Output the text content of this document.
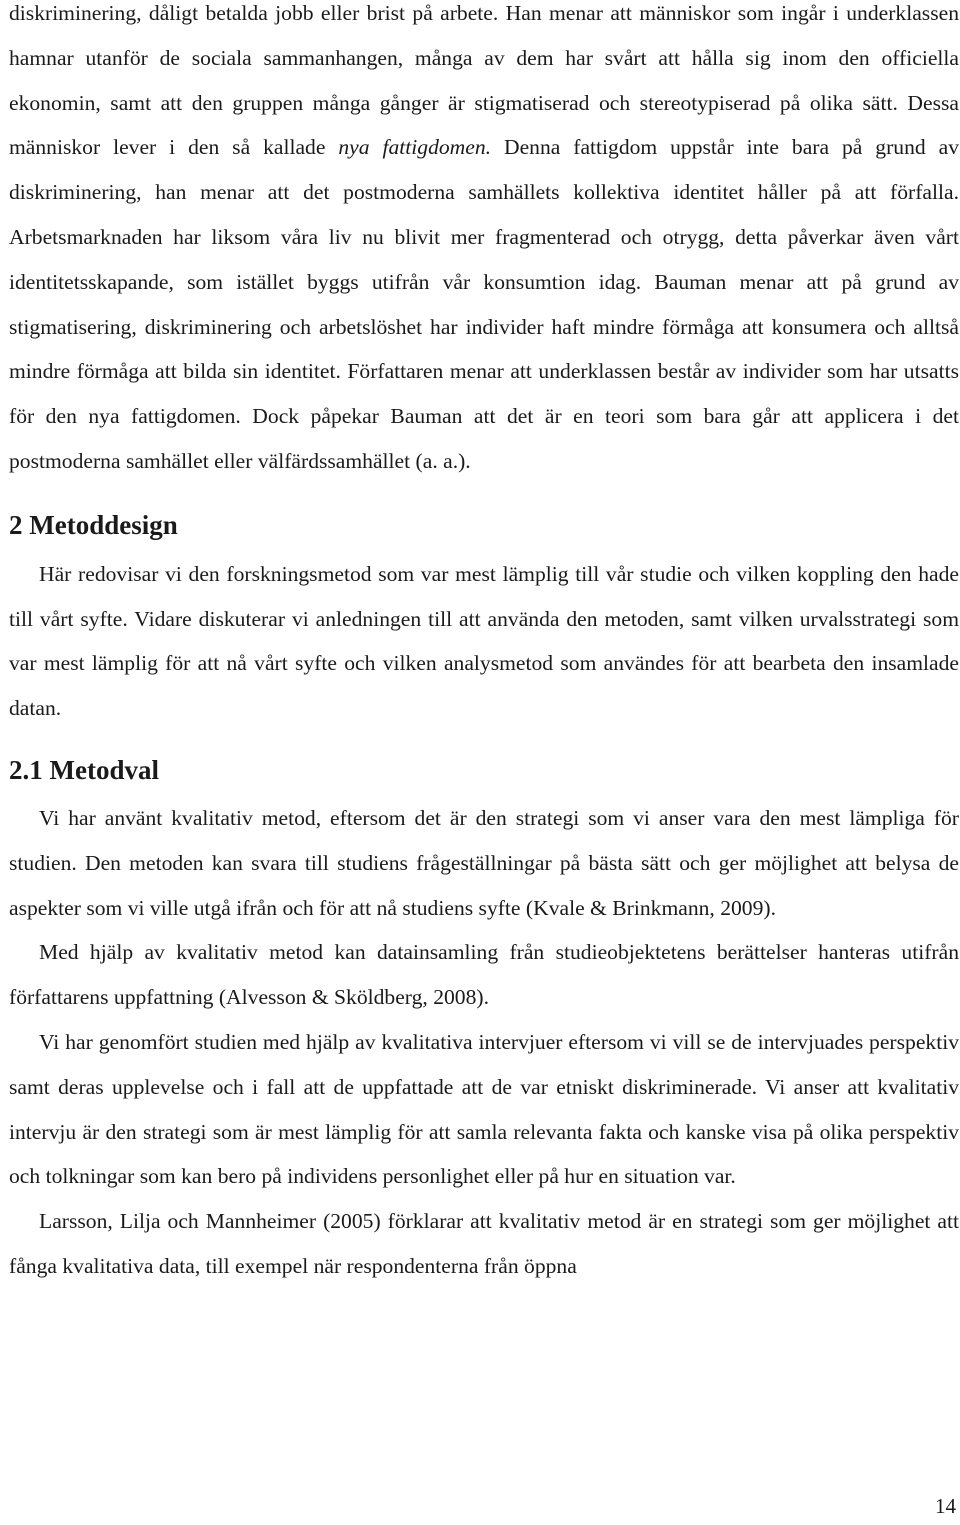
diskriminering, dåligt betalda jobb eller brist på arbete. Han menar att människor som ingår i underklassen hamnar utanför de sociala sammanhangen, många av dem har svårt att hålla sig inom den officiella ekonomin, samt att den gruppen många gånger är stigmatiserad och stereotypiserad på olika sätt. Dessa människor lever i den så kallade nya fattigdomen. Denna fattigdom uppstår inte bara på grund av diskriminering, han menar att det postmoderna samhällets kollektiva identitet håller på att förfalla. Arbetsmarknaden har liksom våra liv nu blivit mer fragmenterad och otrygg, detta påverkar även vårt identitetsskapande, som istället byggs utifrån vår konsumtion idag. Bauman menar att på grund av stigmatisering, diskriminering och arbetslöshet har individer haft mindre förmåga att konsumera och alltså mindre förmåga att bilda sin identitet. Författaren menar att underklassen består av individer som har utsatts för den nya fattigdomen. Dock påpekar Bauman att det är en teori som bara går att applicera i det postmoderna samhället eller välfärdssamhället (a. a.).

2 Metoddesign

Här redovisar vi den forskningsmetod som var mest lämplig till vår studie och vilken koppling den hade till vårt syfte. Vidare diskuterar vi anledningen till att använda den metoden, samt vilken urvalsstrategi som var mest lämplig för att nå vårt syfte och vilken analysmetod som användes för att bearbeta den insamlade datan.

2.1 Metodval

Vi har använt kvalitativ metod, eftersom det är den strategi som vi anser vara den mest lämpliga för studien. Den metoden kan svara till studiens frågeställningar på bästa sätt och ger möjlighet att belysa de aspekter som vi ville utgå ifrån och för att nå studiens syfte (Kvale & Brinkmann, 2009).

Med hjälp av kvalitativ metod kan datainsamling från studieobjektetens berättelser hanteras utifrån författarens uppfattning (Alvesson & Sköldberg, 2008).

Vi har genomfört studien med hjälp av kvalitativa intervjuer eftersom vi vill se de intervjuades perspektiv samt deras upplevelse och i fall att de uppfattade att de var etniskt diskriminerade. Vi anser att kvalitativ intervju är den strategi som är mest lämplig för att samla relevanta fakta och kanske visa på olika perspektiv och tolkningar som kan bero på individens personlighet eller på hur en situation var.

Larsson, Lilja och Mannheimer (2005) förklarar att kvalitativ metod är en strategi som ger möjlighet att fånga kvalitativa data, till exempel när respondenterna från öppna

14
